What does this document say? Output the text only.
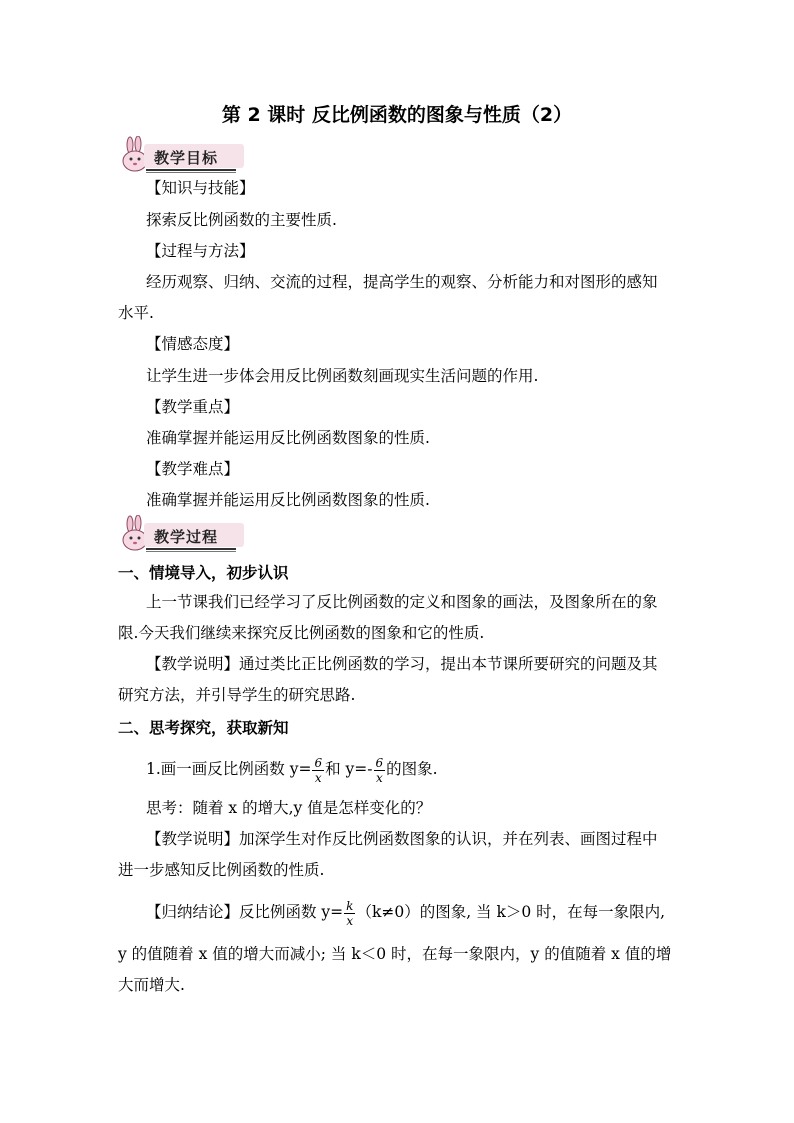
第 2 课时 反比例函数的图象与性质（2）
教学目标
【知识与技能】
探索反比例函数的主要性质.
【过程与方法】
经历观察、归纳、交流的过程，提高学生的观察、分析能力和对图形的感知
水平.
【情感态度】
让学生进一步体会用反比例函数刻画现实生活问题的作用.
【教学重点】
准确掌握并能运用反比例函数图象的性质.
【教学难点】
准确掌握并能运用反比例函数图象的性质.
教学过程
一、情境导入，初步认识
上一节课我们已经学习了反比例函数的定义和图象的画法，及图象所在的象
限.今天我们继续来探究反比例函数的图象和它的性质.
【教学说明】通过类比正比例函数的学习，提出本节课所要研究的问题及其
研究方法，并引导学生的研究思路.
二、思考探究，获取新知
1.画一画反比例函数 $y= \frac{6}{x}$ 和 $y=- \frac{6}{x}$ 的图象.
思考：随着 x 的增大,y 值是怎样变化的？
【教学说明】加深学生对作反比例函数图象的认识，并在列表、画图过程中
进一步感知反比例函数的性质.
【归纳结论】反比例函数 $y= \frac{k}{x} (k\ne 0)$的图象, 当 k＞0 时，在每一象限内,
y 的值随着 x 值的增大而减小; 当 k＜0 时，在每一象限内，y 的值随着 x 值的增
大而增大.
